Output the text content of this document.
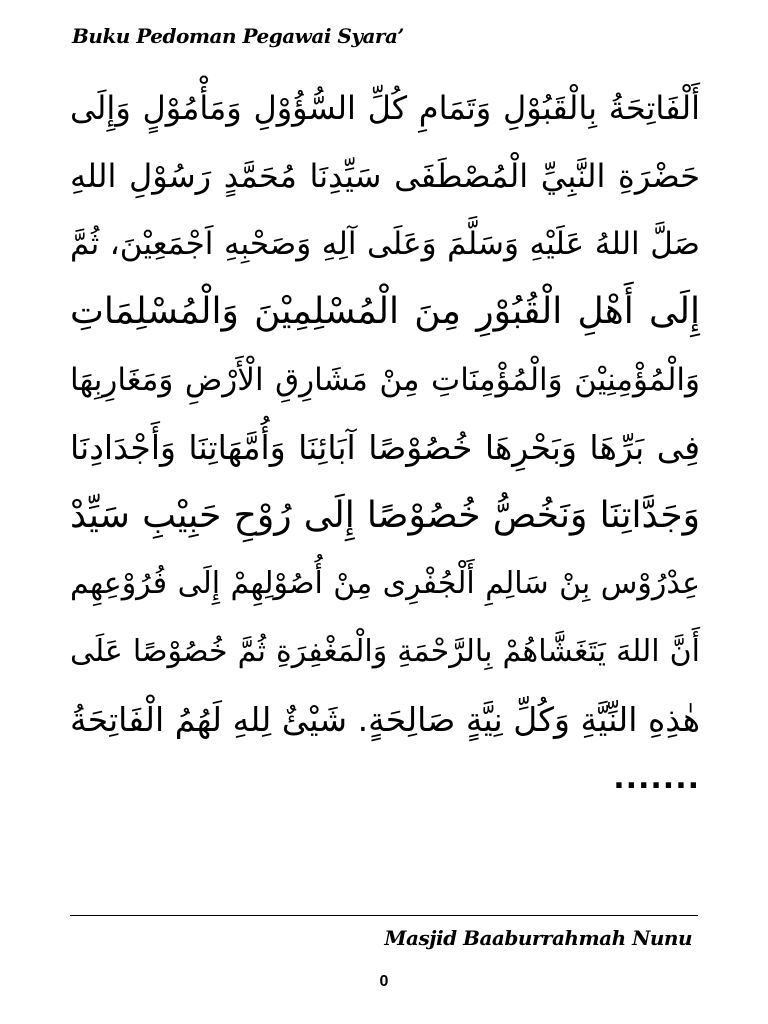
Buku Pedoman Pegawai Syara’
أَلْفَاتِحَةُ بِالْقَبُوْلِ وَتَمَامِ كُلِّ السُّؤُوْلِ وَمَأْمُوْلٍ وَإِلَى
حَضْرَةِ النَّبِيِّ الْمُصْطَفَى سَيِّدِنَا مُحَمَّدٍ رَسُوْلِ اللهِ
صَلَّ اللهُ عَلَيْهِ وَسَلَّمَ وَعَلَى آلِهِ وَصَحْبِهِ اَجْمَعِيْنَ، ثُمَّ
إِلَى أَهْلِ الْقُبُوْرِ مِنَ الْمُسْلِمِيْنَ وَالْمُسْلِمَاتِ
وَالْمُؤْمِنِيْنَ وَالْمُؤْمِنَاتِ مِنْ مَشَارِقِ الْأَرْضِ وَمَغَارِبِهَا
فِى بَرِّهَا وَبَحْرِهَا خُصُوْصًا آبَائِنَا وَأُمَّهَاتِنَا وَأَجْدَادِنَا
وَجَدَّاتِنَا وَنَخُصُّ خُصُوْصًا إِلَى رُوْحِ حَبِيْبِ سَيِّدْ
عِدْرُوْس بِنْ سَالِمِ أَلْجُفْرِى مِنْ أُصُوْلِهِمْ إِلَى فُرُوْعِهِم
أَنَّ اللهَ يَتَغَشَّاهُمْ بِالرَّحْمَةِ وَالْمَغْفِرَةِ ثُمَّ خُصُوْصًا عَلَى
هٰذِهِ النِّيَّةِ وَكُلِّ نِيَّةٍ صَالِحَةٍ. شَيْئٌ لِلهِ لَهُمُ الْفَاتِحَةُ
.......
Masjid Baaburrahmah Nunu
0
